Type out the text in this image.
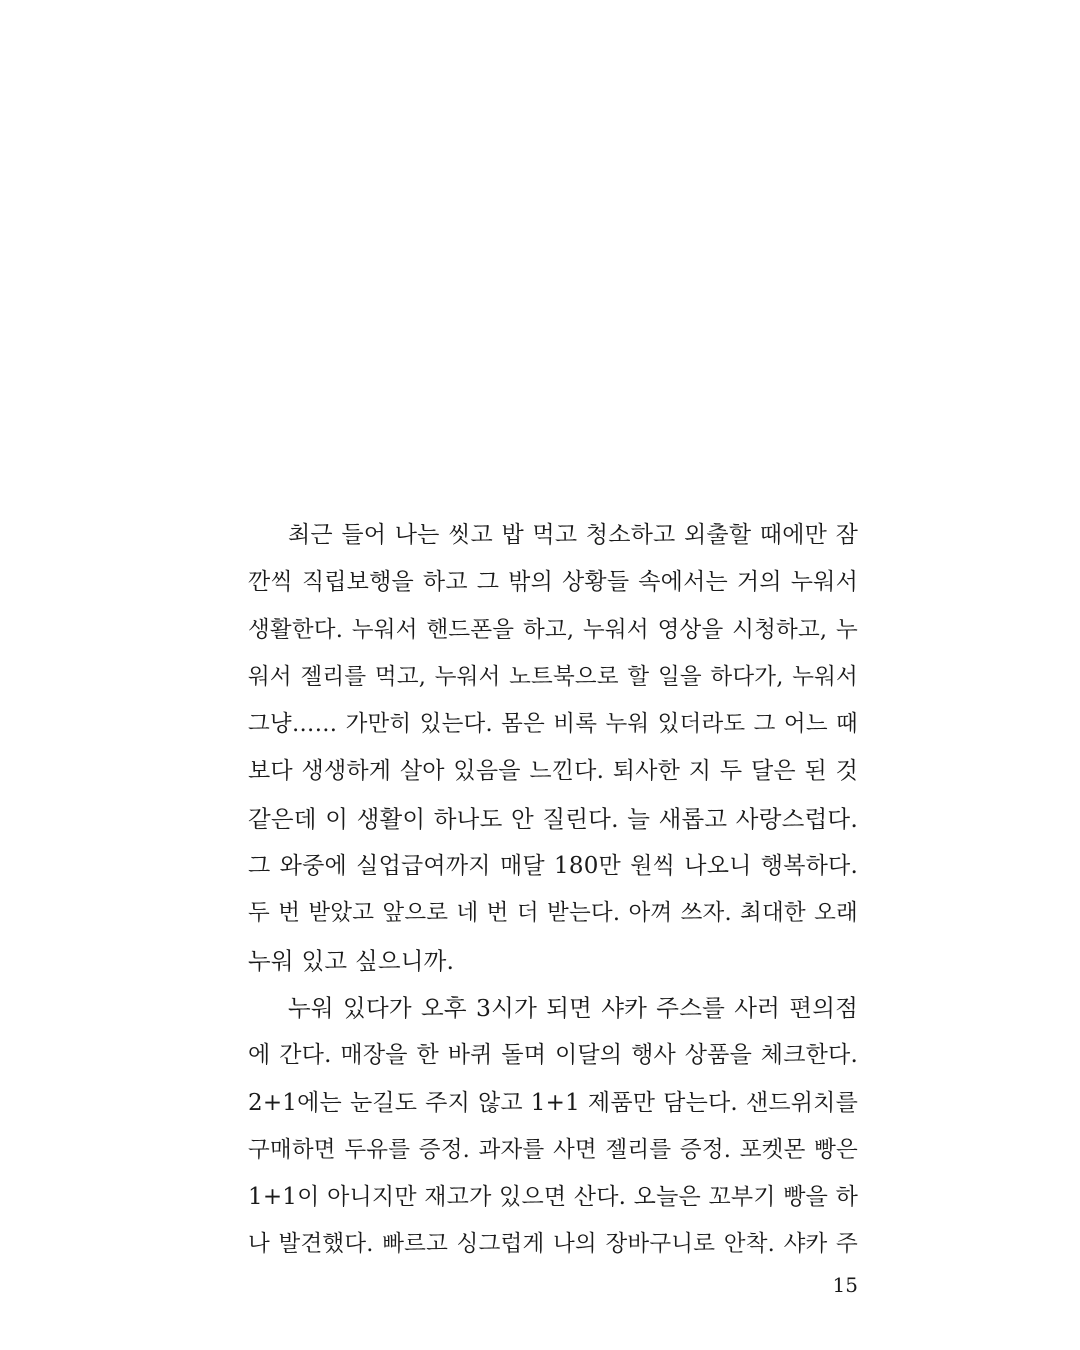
최근 들어 나는 씻고 밥 먹고 청소하고 외출할 때에만 잠
깐씩 직립보행을 하고 그 밖의 상황들 속에서는 거의 누워서
생활한다. 누워서 핸드폰을 하고, 누워서 영상을 시청하고, 누
워서 젤리를 먹고, 누워서 노트북으로 할 일을 하다가, 누워서
그냥…… 가만히 있는다. 몸은 비록 누워 있더라도 그 어느 때
보다 생생하게 살아 있음을 느낀다. 퇴사한 지 두 달은 된 것
같은데 이 생활이 하나도 안 질린다. 늘 새롭고 사랑스럽다.
그 와중에 실업급여까지 매달 180만 원씩 나오니 행복하다.
두 번 받았고 앞으로 네 번 더 받는다. 아껴 쓰자. 최대한 오래
누워 있고 싶으니까.
누워 있다가 오후 3시가 되면 샤카 주스를 사러 편의점
에 간다. 매장을 한 바퀴 돌며 이달의 행사 상품을 체크한다.
2+1에는 눈길도 주지 않고 1+1 제품만 담는다. 샌드위치를
구매하면 두유를 증정. 과자를 사면 젤리를 증정. 포켓몬 빵은
1+1이 아니지만 재고가 있으면 산다. 오늘은 꼬부기 빵을 하
나 발견했다. 빠르고 싱그럽게 나의 장바구니로 안착. 샤카 주
15
